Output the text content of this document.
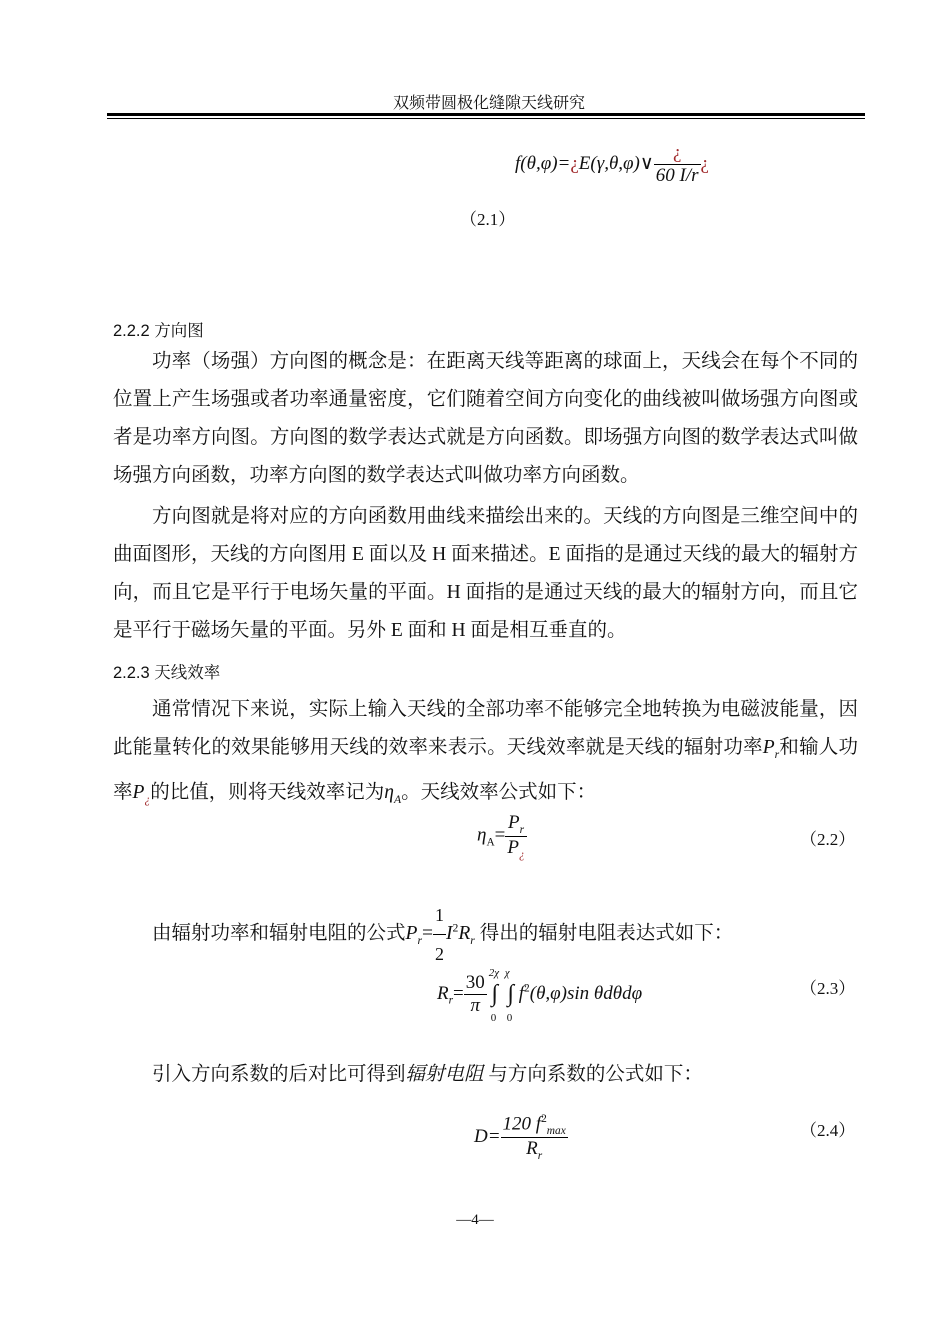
双频带圆极化缝隙天线研究
f(θ,φ)=¿E(γ,θ,φ)∨ $\frac{¿}{60 I/r}$ ¿
（2.1）
2.2.2 方向图
功率（场强）方向图的概念是：在距离天线等距离的球面上，天线会在每个不同的位置上产生场强或者功率通量密度，它们随着空间方向变化的曲线被叫做场强方向图或者是功率方向图。方向图的数学表达式就是方向函数。即场强方向图的数学表达式叫做场强方向函数，功率方向图的数学表达式叫做功率方向函数。
方向图就是将对应的方向函数用曲线来描绘出来的。天线的方向图是三维空间中的曲面图形，天线的方向图用 E 面以及 H 面来描述。E 面指的是通过天线的最大的辐射方向，而且它是平行于电场矢量的平面。H 面指的是通过天线的最大的辐射方向，而且它是平行于磁场矢量的平面。另外 E 面和 H 面是相互垂直的。
2.2.3 天线效率
通常情况下来说，实际上输入天线的全部功率不能够完全地转换为电磁波能量，因此能量转化的效果能够用天线的效率来表示。天线效率就是天线的辐射功率$P_r$和输人功率$P_¿$的比值，则将天线效率记为$\eta_A$。天线效率公式如下：
$\eta_A= \frac{P_r}{P_¿}$	（2.2）
由辐射功率和辐射电阻的公式$P_r= \frac{1}{2} I^2R_r$ 得出的辐射电阻表达式如下：
$R_r= \frac{30}{\pi}$ ∫
2χ
0
∫
χ
0
$f^2(\theta,\varphi)\sin$ θdθdφ	（2.3）
引入方向系数的后对比可得到辐射电阻 与方向系数的公式如下：
$D= \frac{120 f^2_{max}}{R_r}$	（2.4）
—4—
